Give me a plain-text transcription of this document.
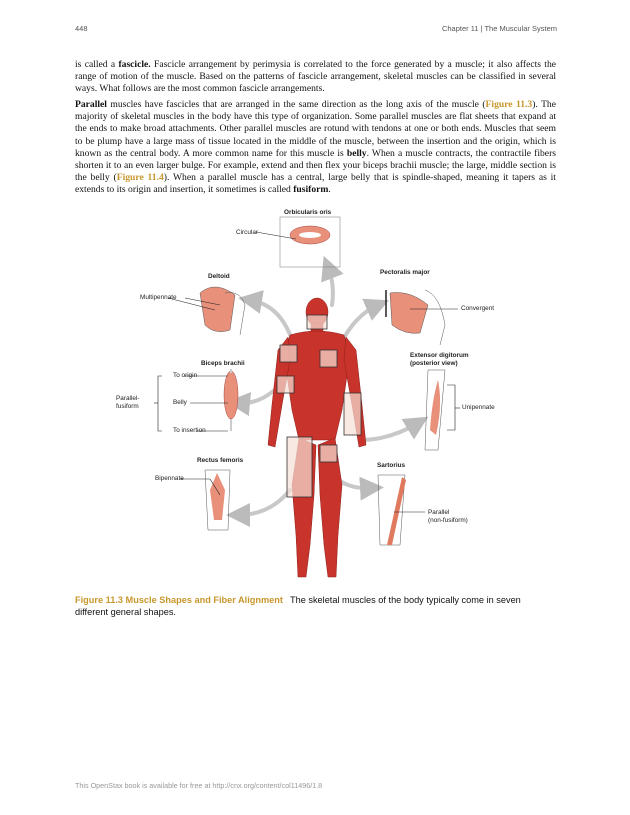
448	Chapter 11 | The Muscular System
is called a fascicle. Fascicle arrangement by perimysia is correlated to the force generated by a muscle; it also affects the range of motion of the muscle. Based on the patterns of fascicle arrangement, skeletal muscles can be classified in several ways. What follows are the most common fascicle arrangements.
Parallel muscles have fascicles that are arranged in the same direction as the long axis of the muscle (Figure 11.3). The majority of skeletal muscles in the body have this type of organization. Some parallel muscles are flat sheets that expand at the ends to make broad attachments. Other parallel muscles are rotund with tendons at one or both ends. Muscles that seem to be plump have a large mass of tissue located in the middle of the muscle, between the insertion and the origin, which is known as the central body. A more common name for this muscle is belly. When a muscle contracts, the contractile fibers shorten it to an even larger bulge. For example, extend and then flex your biceps brachii muscle; the large, middle section is the belly (Figure 11.4). When a parallel muscle has a central, large belly that is spindle-shaped, meaning it tapers as it extends to its origin and insertion, it sometimes is called fusiform.
Orbicularis oris
Circular
Deltoid
Multipennate
Pectoralis major
Convergent
Biceps brachii
To origin
Belly
To insertion
Parallel-
fusiform
Extensor digitorum
(posterior view)
Unipennate
Rectus femoris
Bipennate
Sartorius
Parallel
(non-fusiform)
Figure 11.3 Muscle Shapes and Fiber Alignment The skeletal muscles of the body typically come in seven different general shapes.
This OpenStax book is available for free at http://cnx.org/content/col11496/1.8
